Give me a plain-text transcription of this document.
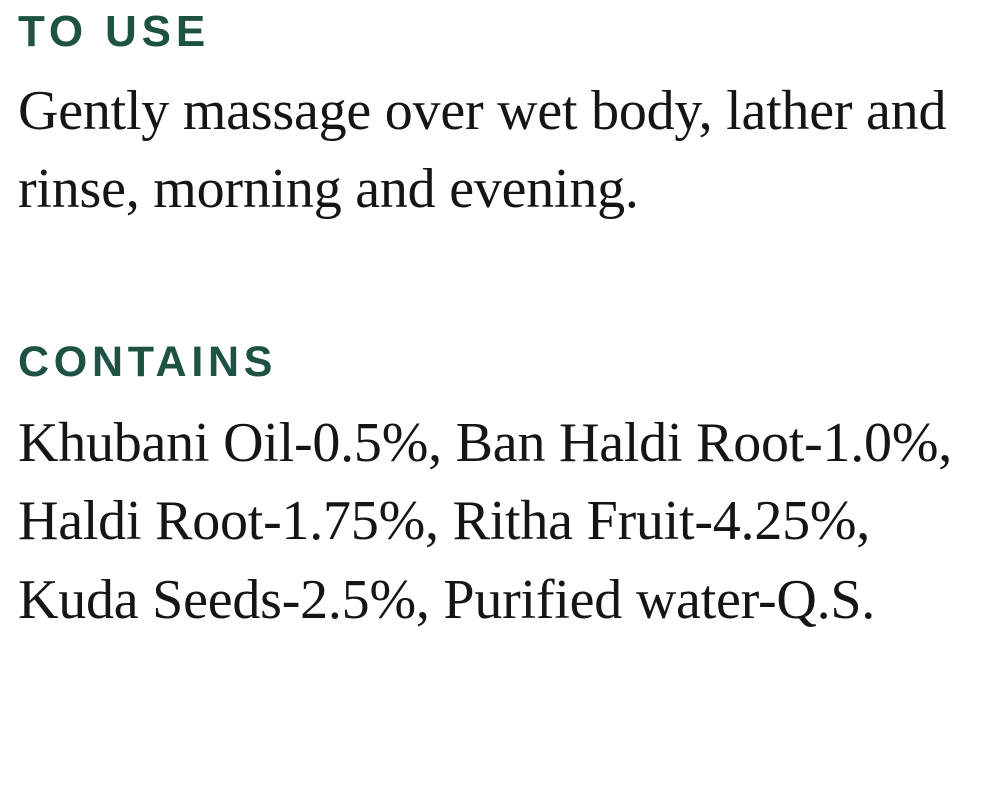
TO USE

Gently massage over wet body, lather and rinse, morning and evening.

CONTAINS

Khubani Oil-0.5%, Ban Haldi Root-1.0%, Haldi Root-1.75%, Ritha Fruit-4.25%, Kuda Seeds-2.5%, Purified water-Q.S.
